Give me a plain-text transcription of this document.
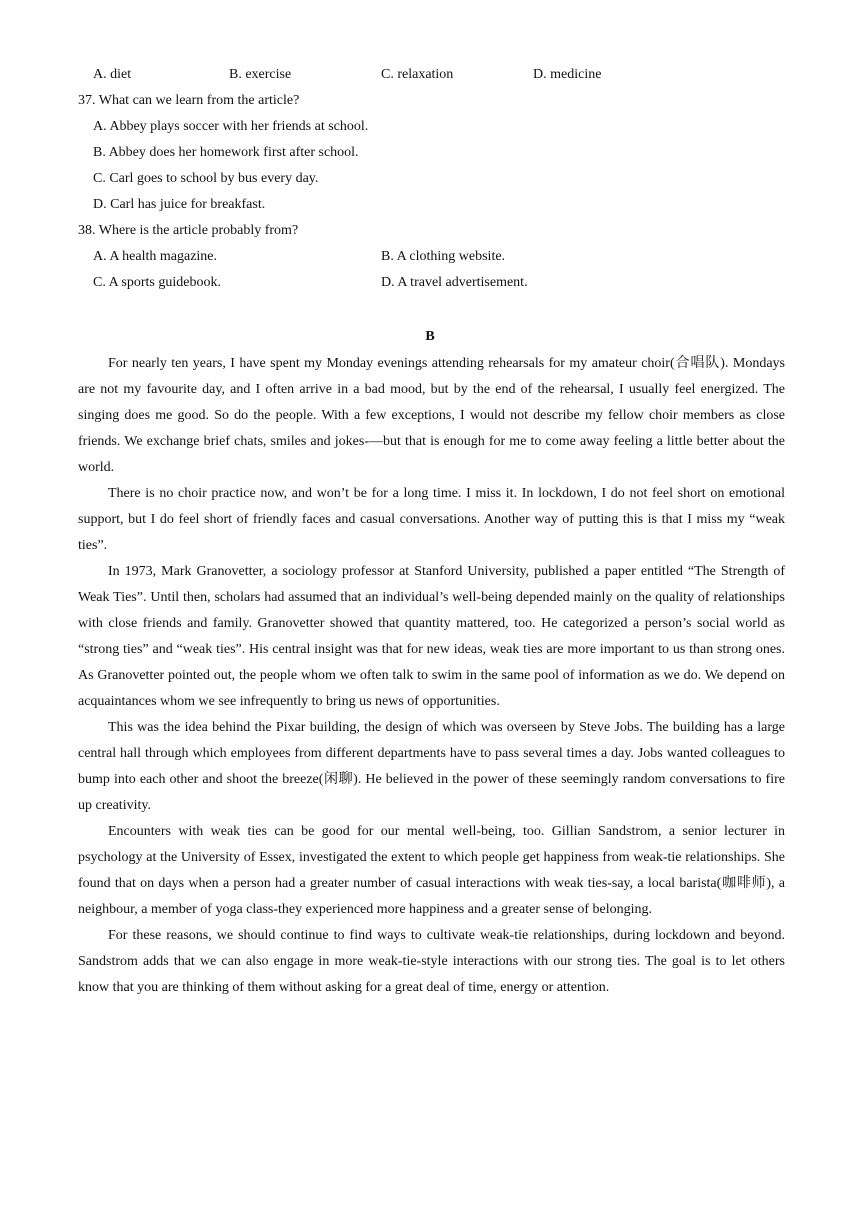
A. diet	B. exercise	C. relaxation	D. medicine
37. What can we learn from the article?
A. Abbey plays soccer with her friends at school.
B. Abbey does her homework first after school.
C. Carl goes to school by bus every day.
D. Carl has juice for breakfast.
38. Where is the article probably from?
A. A health magazine.	B. A clothing website.
C. A sports guidebook.	D. A travel advertisement.
B
For nearly ten years, I have spent my Monday evenings attending rehearsals for my amateur choir(合唱队). Mondays are not my favourite day, and I often arrive in a bad mood, but by the end of the rehearsal, I usually feel energized. The singing does me good. So do the people. With a few exceptions, I would not describe my fellow choir members as close friends. We exchange brief chats, smiles and jokes-—but that is enough for me to come away feeling a little better about the world.
There is no choir practice now, and won’t be for a long time. I miss it. In lockdown, I do not feel short on emotional support, but I do feel short of friendly faces and casual conversations. Another way of putting this is that I miss my “weak ties”.
In 1973, Mark Granovetter, a sociology professor at Stanford University, published a paper entitled “The Strength of Weak Ties”. Until then, scholars had assumed that an individual’s well-being depended mainly on the quality of relationships with close friends and family. Granovetter showed that quantity mattered, too. He categorized a person’s social world as “strong ties” and “weak ties”. His central insight was that for new ideas, weak ties are more important to us than strong ones. As Granovetter pointed out, the people whom we often talk to swim in the same pool of information as we do. We depend on acquaintances whom we see infrequently to bring us news of opportunities.
This was the idea behind the Pixar building, the design of which was overseen by Steve Jobs. The building has a large central hall through which employees from different departments have to pass several times a day. Jobs wanted colleagues to bump into each other and shoot the breeze(闲聊). He believed in the power of these seemingly random conversations to fire up creativity.
Encounters with weak ties can be good for our mental well-being, too. Gillian Sandstrom, a senior lecturer in psychology at the University of Essex, investigated the extent to which people get happiness from weak-tie relationships. She found that on days when a person had a greater number of casual interactions with weak ties-say, a local barista(咖啡师), a neighbour, a member of yoga class-they experienced more happiness and a greater sense of belonging.
For these reasons, we should continue to find ways to cultivate weak-tie relationships, during lockdown and beyond. Sandstrom adds that we can also engage in more weak-tie-style interactions with our strong ties. The goal is to let others know that you are thinking of them without asking for a great deal of time, energy or attention.
